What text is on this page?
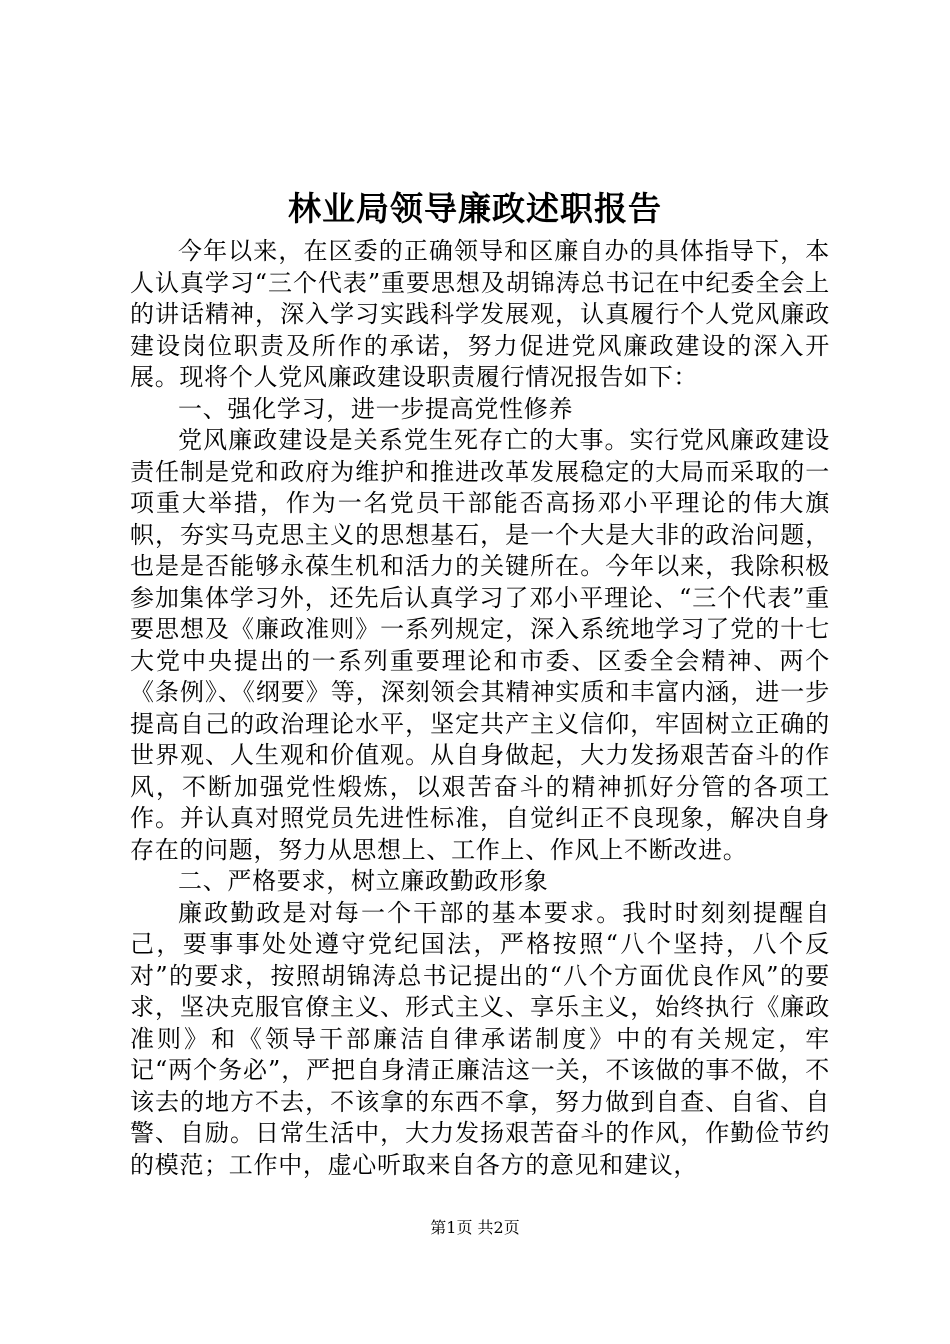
林业局领导廉政述职报告

今年以来，在区委的正确领导和区廉自办的具体指导下，本人认真学习“三个代表”重要思想及胡锦涛总书记在中纪委全会上的讲话精神，深入学习实践科学发展观，认真履行个人党风廉政建设岗位职责及所作的承诺，努力促进党风廉政建设的深入开展。现将个人党风廉政建设职责履行情况报告如下：

一、强化学习，进一步提高党性修养

党风廉政建设是关系党生死存亡的大事。实行党风廉政建设责任制是党和政府为维护和推进改革发展稳定的大局而采取的一项重大举措，作为一名党员干部能否高扬邓小平理论的伟大旗帜，夯实马克思主义的思想基石，是一个大是大非的政治问题，也是是否能够永葆生机和活力的关键所在。今年以来，我除积极参加集体学习外，还先后认真学习了邓小平理论、“三个代表”重要思想及《廉政准则》一系列规定，深入系统地学习了党的十七大党中央提出的一系列重要理论和市委、区委全会精神、两个《条例》、《纲要》等，深刻领会其精神实质和丰富内涵，进一步提高自己的政治理论水平，坚定共产主义信仰，牢固树立正确的世界观、人生观和价值观。从自身做起，大力发扬艰苦奋斗的作风，不断加强党性煅炼，以艰苦奋斗的精神抓好分管的各项工作。并认真对照党员先进性标准，自觉纠正不良现象，解决自身存在的问题，努力从思想上、工作上、作风上不断改进。

二、严格要求，树立廉政勤政形象

廉政勤政是对每一个干部的基本要求。我时时刻刻提醒自己，要事事处处遵守党纪国法，严格按照“八个坚持，八个反对”的要求，按照胡锦涛总书记提出的“八个方面优良作风”的要求，坚决克服官僚主义、形式主义、享乐主义，始终执行《廉政准则》和《领导干部廉洁自律承诺制度》中的有关规定，牢记“两个务必”，严把自身清正廉洁这一关，不该做的事不做，不该去的地方不去，不该拿的东西不拿，努力做到自查、自省、自警、自励。日常生活中，大力发扬艰苦奋斗的作风，作勤俭节约的模范；工作中，虚心听取来自各方的意见和建议，

第1页 共2页
